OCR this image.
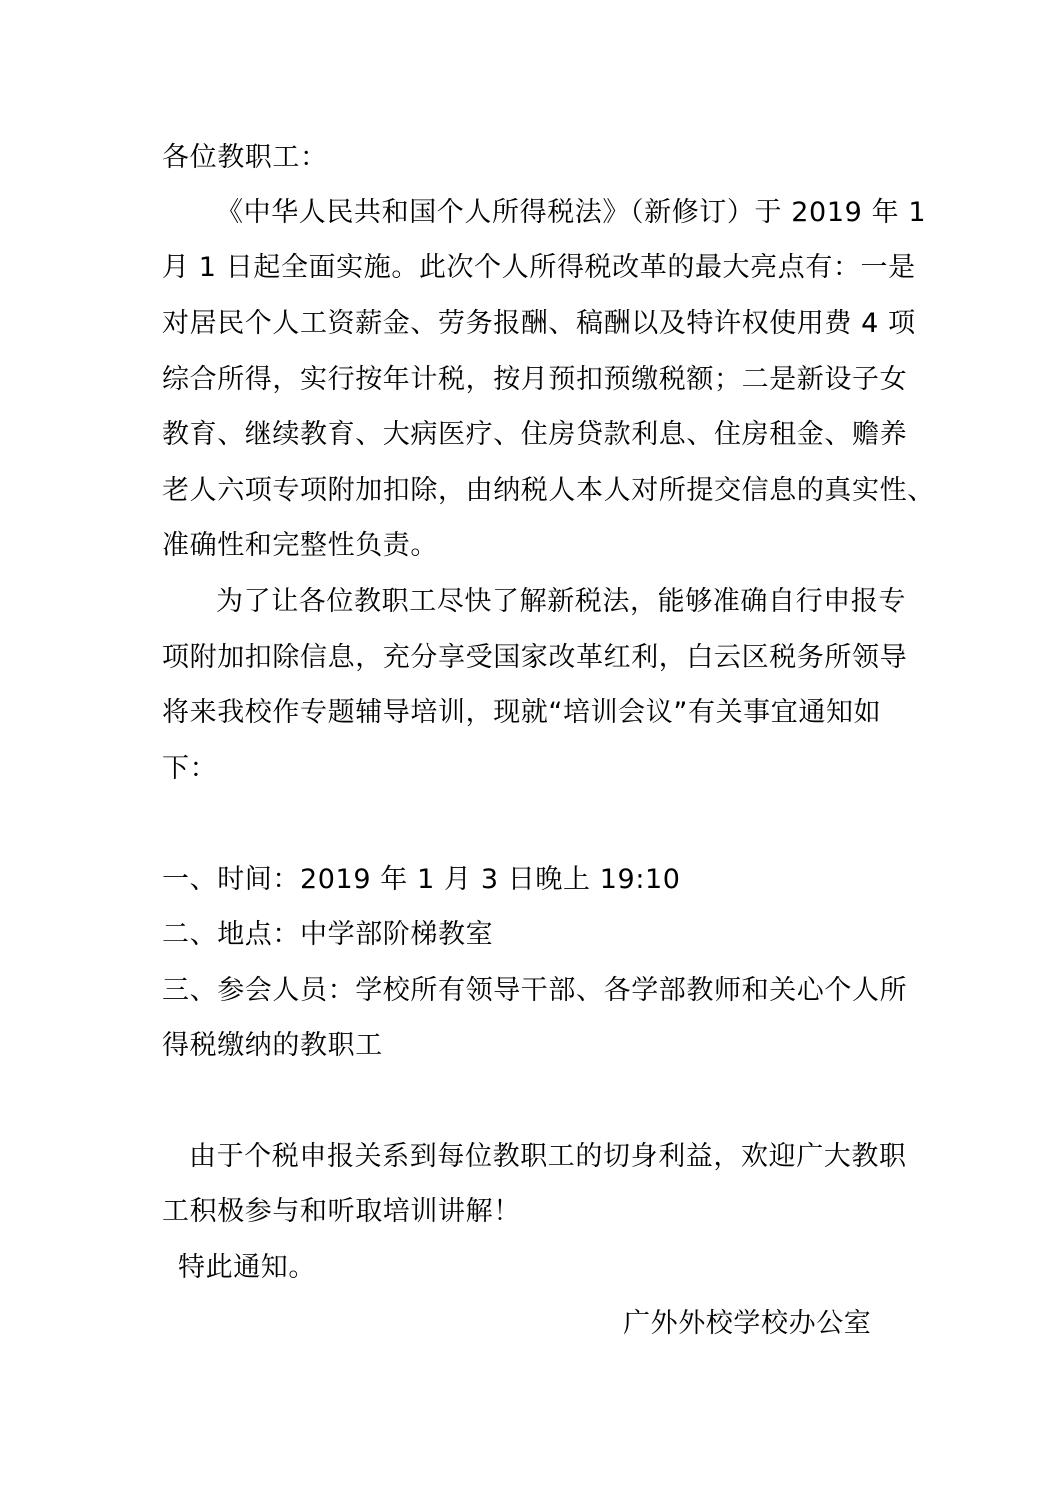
各位教职工：
《中华人民共和国个人所得税法》（新修订）于 2019 年 1
月 1 日起全面实施。此次个人所得税改革的最大亮点有：一是
对居民个人工资薪金、劳务报酬、稿酬以及特许权使用费 4 项
综合所得，实行按年计税，按月预扣预缴税额；二是新设子女
教育、继续教育、大病医疗、住房贷款利息、住房租金、赡养
老人六项专项附加扣除，由纳税人本人对所提交信息的真实性、
准确性和完整性负责。
为了让各位教职工尽快了解新税法，能够准确自行申报专
项附加扣除信息，充分享受国家改革红利，白云区税务所领导
将来我校作专题辅导培训，现就“培训会议”有关事宜通知如
下：
一、时间：2019 年 1 月 3 日晚上 19:10
二、地点：中学部阶梯教室
三、参会人员：学校所有领导干部、各学部教师和关心个人所
得税缴纳的教职工
由于个税申报关系到每位教职工的切身利益，欢迎广大教职
工积极参与和听取培训讲解！
特此通知。
广外外校学校办公室
